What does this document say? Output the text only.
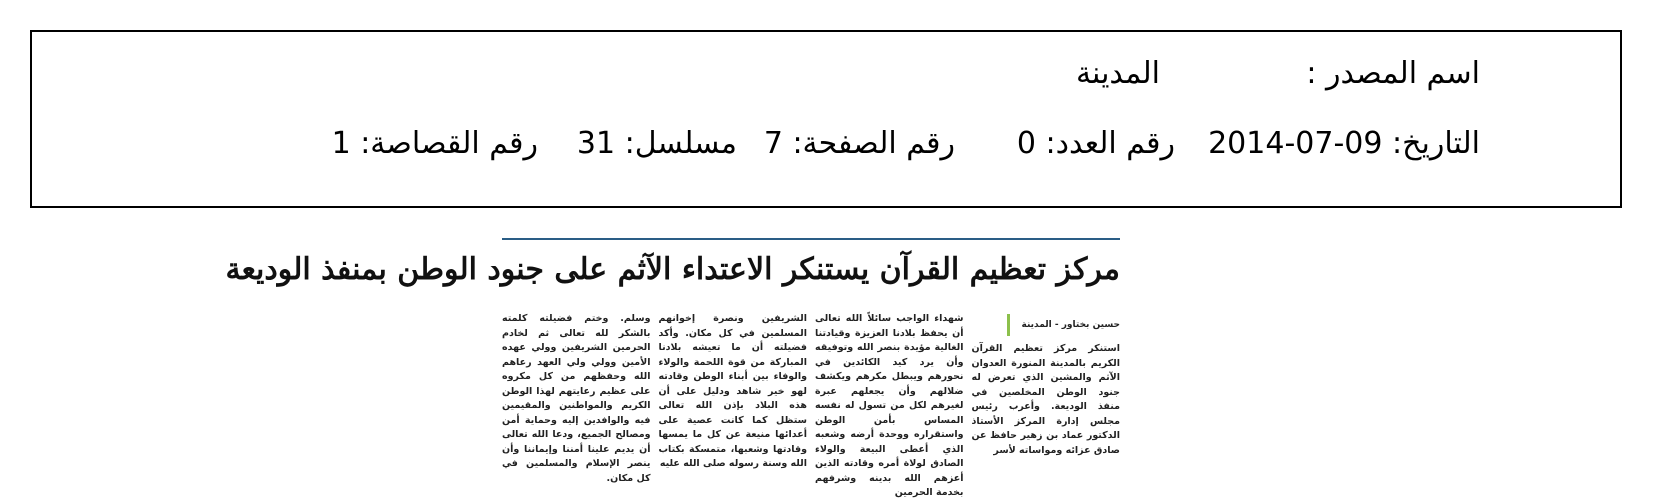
اسم المصدر :
المدينة
التاريخ: 09-07-2014
رقم العدد: 0
رقم الصفحة: 7
مسلسل: 31
رقم القصاصة: 1
مركز تعظيم القرآن يستنكر الاعتداء الآثم على جنود الوطن بمنفذ الوديعة
حسين بختاور - المدينة
استنكر مركز تعظيم القرآن الكريم بالمدينة المنورة العدوان الآثم والمشين الذي تعرض له جنود الوطن المخلصين في منفذ الوديعة. وأعرب رئيس مجلس إدارة المركز الأستاذ الدكتور عماد بن زهير حافظ عن صادق عزائه ومواساته لأسر
شهداء الواجب سائلاً الله تعالى أن يحفظ بلادنا العزيزة وقيادتنا الغالية مؤيدة بنصر الله وتوفيقه وأن يرد كيد الكائدين في نحورهم ويبطل مكرهم ويكشف ضلالهم وأن يجعلهم عبرة لغيرهم لكل من تسول له نفسه المساس بأمن الوطن واستقراره ووحدة أرضه وشعبه الذي أعطى البيعة والولاء الصادق لولاة أمره وقادته الذين أعزهم الله بدينه وشرفهم بخدمة الحرمين
الشريفين ونصرة إخوانهم المسلمين في كل مكان. وأكد فضيلته أن ما تعيشه بلادنا المباركة من قوة اللحمة والولاء والوفاء بين أبناء الوطن وقادته لهو خير شاهد ودليل على أن هذه البلاد بإذن الله تعالى ستظل كما كانت عصية على أعدائها منيعة عن كل ما يمسها وقادتها وشعبها، متمسكة بكتاب الله وسنة رسوله صلى الله عليه
وسلم. وختم فضيلته كلمته بالشكر لله تعالى ثم لخادم الحرمين الشريفين وولي عهده الأمين وولي ولي العهد رعاهم الله وحفظهم من كل مكروه على عظيم رعايتهم لهذا الوطن الكريم والمواطنين والمقيمين فيه والوافدين إليه وحماية أمن ومصالح الجميع، ودعا الله تعالى أن يديم علينا أمننا وإيماننا وأن ينصر الإسلام والمسلمين في كل مكان.
